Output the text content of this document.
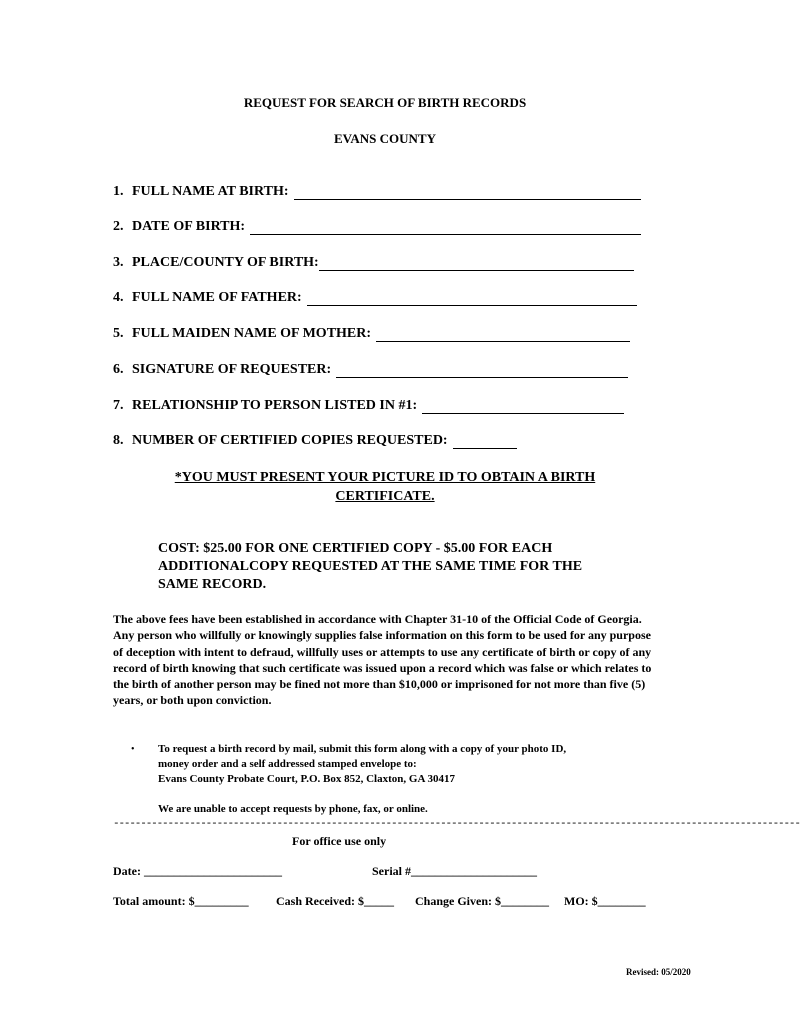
REQUEST FOR SEARCH OF BIRTH RECORDS
EVANS COUNTY
1. FULL NAME AT BIRTH:
2. DATE OF BIRTH:
3. PLACE/COUNTY OF BIRTH:
4. FULL NAME OF FATHER:
5. FULL MAIDEN NAME OF MOTHER:
6. SIGNATURE OF REQUESTER:
7. RELATIONSHIP TO PERSON LISTED IN #1:
8. NUMBER OF CERTIFIED COPIES REQUESTED:
*YOU MUST PRESENT YOUR PICTURE ID TO OBTAIN A BIRTH
CERTIFICATE.
COST: $25.00 FOR ONE CERTIFIED COPY - $5.00 FOR EACH
ADDITIONALCOPY REQUESTED AT THE SAME TIME FOR THE
SAME RECORD.
The above fees have been established in accordance with Chapter 31-10 of the Official Code of Georgia. Any person who willfully or knowingly supplies false information on this form to be used for any purpose of deception with intent to defraud, willfully uses or attempts to use any certificate of birth or copy of any record of birth knowing that such certificate was issued upon a record which was false or which relates to the birth of another person may be fined not more than $10,000 or imprisoned for not more than five (5) years, or both upon conviction.
• To request a birth record by mail, submit this form along with a copy of your photo ID,
money order and a self addressed stamped envelope to:
Evans County Probate Court, P.O. Box 852, Claxton, GA 30417
We are unable to accept requests by phone, fax, or online.
------------------------------------------------------------------------------------------------------------------------------
For office use only
Date: _______________________	Serial #_____________________
Total amount: $_________ Cash Received: $_____ Change Given: $________ MO: $________
Revised: 05/2020
